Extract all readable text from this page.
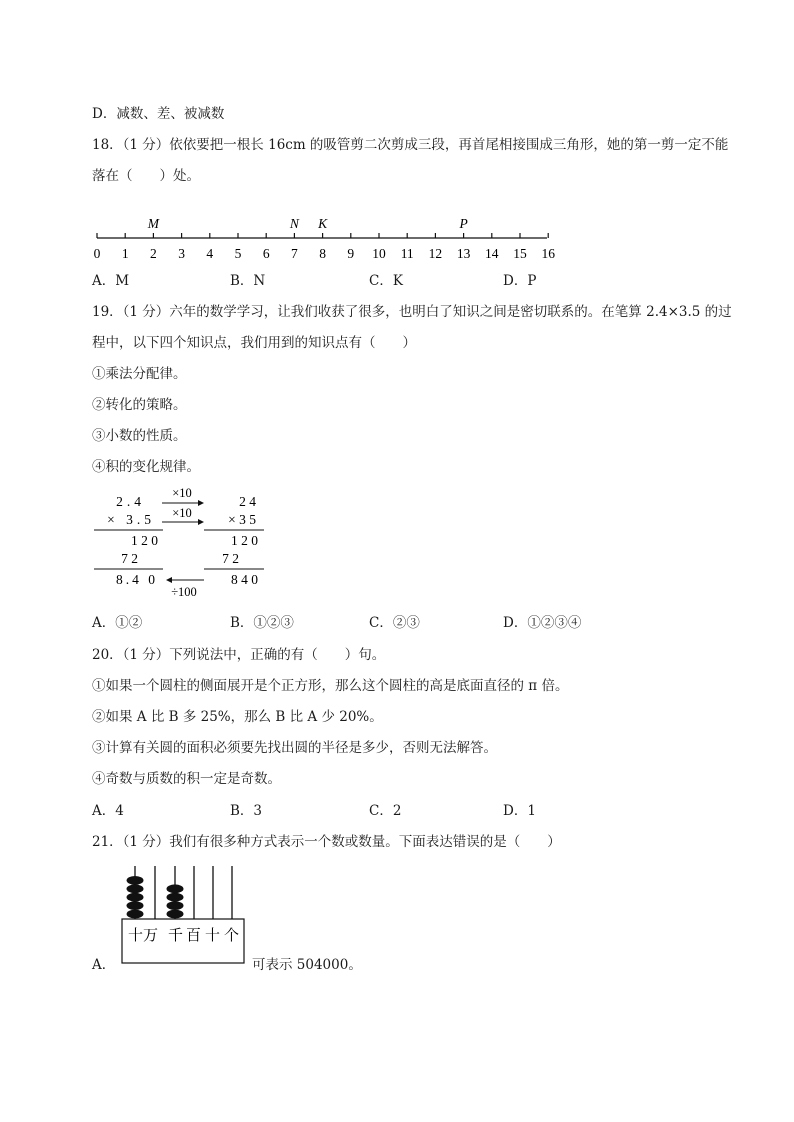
D．减数、差、被减数
18．（1 分）依依要把一根长 16cm 的吸管剪二次剪成三段，再首尾相接围成三角形，她的第一剪一定不能
落在（　　）处。
0 1 2 3 4 5 6 7 8 9 10 11 12 13 14 15 16
M	N K	P
A．M	B．N	C．K	D．P
19．（1 分）六年的数学学习，让我们收获了很多，也明白了知识之间是密切联系的。在笔算 2.4×3.5 的过
程中，以下四个知识点，我们用到的知识点有（　　）
①乘法分配律。
②转化的策略。
③小数的性质。
④积的变化规律。
2.4
× 3.5
1 2 0
7 2
8.4 0
×10
×10
÷100
2 4
× 3 5
1 2 0
7 2
8 4 0
A．①②	B．①②③	C．②③	D．①②③④
20．（1 分）下列说法中，正确的有（　　）句。
①如果一个圆柱的侧面展开是个正方形，那么这个圆柱的高是底面直径的 π 倍。
②如果 A 比 B 多 25%，那么 B 比 A 少 20%。
③计算有关圆的面积必须要先找出圆的半径是多少，否则无法解答。
④奇数与质数的积一定是奇数。
A．4	B．3	C．2	D．1
21．（1 分）我们有很多种方式表示一个数或数量。下面表达错误的是（　　）
A．
十万 千 百 十 个
可表示 504000。
